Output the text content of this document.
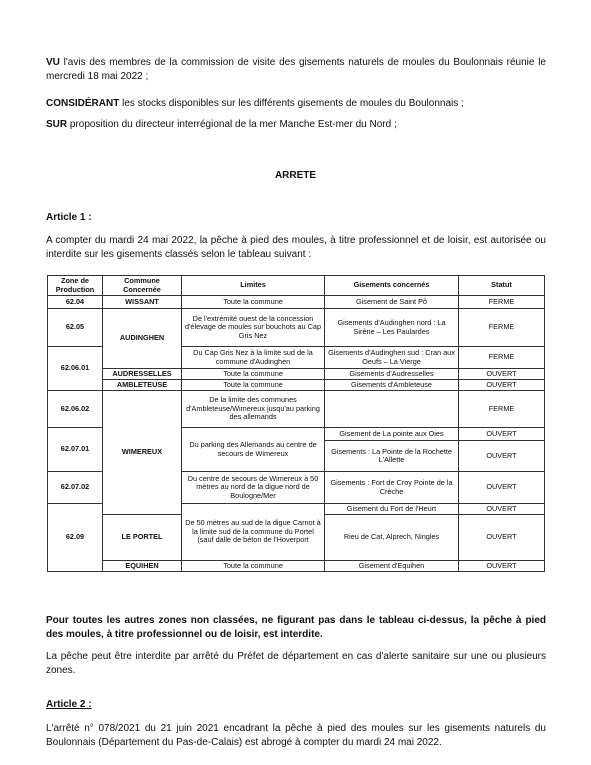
VU l'avis des membres de la commission de visite des gisements naturels de moules du Boulonnais réunie le mercredi 18 mai 2022 ;
CONSIDÉRANT les stocks disponibles sur les différents gisements de moules du Boulonnais ;
SUR proposition du directeur interrégional de la mer Manche Est-mer du Nord ;
ARRETE
Article 1 :
A compter du mardi 24 mai 2022, la pêche à pied des moules, à titre professionnel et de loisir, est autorisée ou interdite sur les gisements classés selon le tableau suivant :
Zone de Production	Commune Concernée	Limites	Gisements concernés	Statut
62.04	WISSANT	Toute la commune	Gisement de Saint Pô	FERME
62.05	AUDINGHEN	De l'extrémité ouest de la concession d'élevage de moules sur bouchots au Cap Gris Nez	Gisements d'Audinghen nord : La Sirène – Les Paulardes	FERME
62.06.01		Du Cap Gris Nez à la limite sud de la commune d'Audinghen	Gisements d'Audinghen sud : Cran aux Oeufs – La Vierge	FERME
	AUDRESSELLES	Toute la commune	Gisements d'Audresselles	OUVERT
	AMBLETEUSE	Toute la commune	Gisements d'Ambleteuse	OUVERT
62.06.02	WIMEREUX	De la limite des communes d'Ambleteuse/Wimereux jusqu'au parking des allemands		FERME
62.07.01		Du parking des Allemands au centre de secours de Wimereux	Gisement de La pointe aux Oies	OUVERT
			Gisements : La Pointe de la Rochette L'Allette	OUVERT
62.07.02		Du centre de secours de Wimereux à 50 mètres au nord de la digue nord de Boulogne/Mer	Gisements : Fort de Croy Pointe de la Crèche	OUVERT
62.09		De 50 mètres au sud de la digue Carnot à la limite sud de la commune du Portel (sauf dalle de béton de l'Hoverport	Gisement du Fort de l'Heurt	OUVERT
	LE PORTEL		Rieu de Cat, Alprech, Ningles	OUVERT
	EQUIHEN	Toute la commune	Gisement d'Equihen	OUVERT
Pour toutes les autres zones non classées, ne figurant pas dans le tableau ci-dessus, la pêche à pied des moules, à titre professionnel ou de loisir, est interdite.
La pêche peut être interdite par arrêté du Préfet de département en cas d'alerte sanitaire sur une ou plusieurs zones.
Article 2 :
L'arrêté n° 078/2021 du 21 juin 2021 encadrant la pêche à pied des moules sur les gisements naturels du Boulonnais (Département du Pas-de-Calais) est abrogé à compter du mardi 24 mai 2022.
